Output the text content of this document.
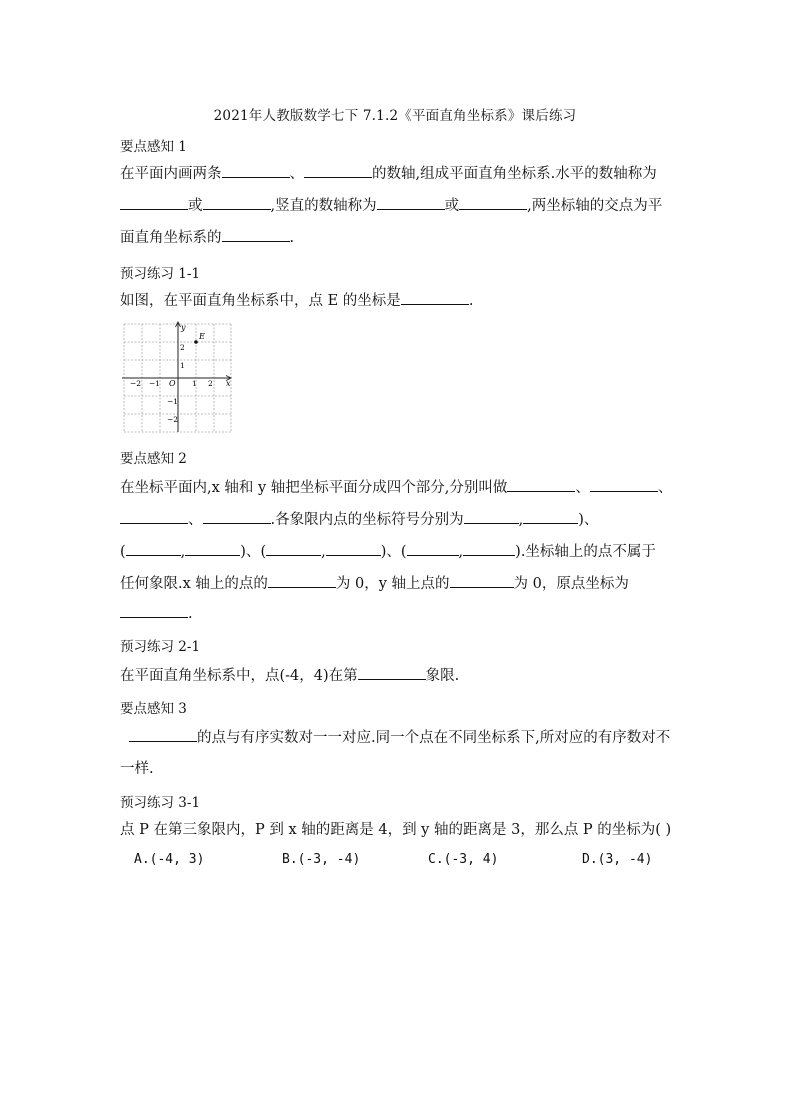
2021年人教版数学七下 7.1.2《平面直角坐标系》课后练习
要点感知 1
在平面内画两条	、	的数轴,组成平面直角坐标系.水平的数轴称为
或	,竖直的数轴称为	或	,两坐标轴的交点为平
面直角坐标系的	.
预习练习 1-1
如图，在平面直角坐标系中，点 E 的坐标是	.
y
x
E
O
−2 −1	1 2
2
1
−1
−2
要点感知 2
在坐标平面内,x 轴和 y 轴把坐标平面分成四个部分,分别叫做	、	、
、	.各象限内点的坐标符号分别为	,	)、
(	,	)、(	,	)、(	,	).坐标轴上的点不属于
任何象限.x 轴上的点的	为 0，y 轴上点的	为 0，原点坐标为
.
预习练习 2-1
在平面直角坐标系中，点(-4，4)在第	象限.
要点感知 3
的点与有序实数对一一对应.同一个点在不同坐标系下,所对应的有序数对不
一样.
预习练习 3-1
点 P 在第三象限内，P 到 x 轴的距离是 4，到 y 轴的距离是 3，那么点 P 的坐标为( )
A.(-4, 3)	B.(-3, -4)	C.(-3, 4)	D.(3, -4)
